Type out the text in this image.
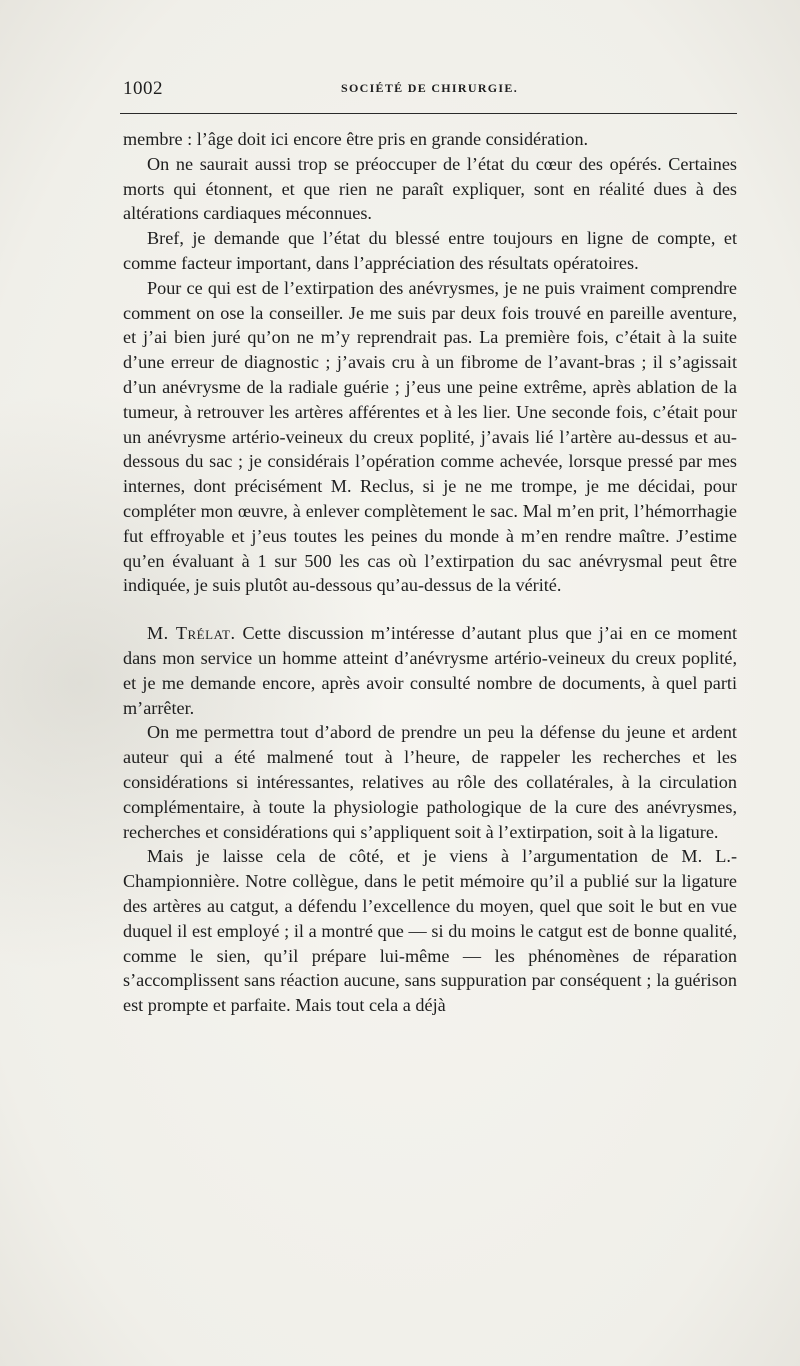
1002	SOCIÉTÉ DE CHIRURGIE.

membre : l’âge doit ici encore être pris en grande considération.

On ne saurait aussi trop se préoccuper de l’état du cœur des opérés. Certaines morts qui étonnent, et que rien ne paraît expliquer, sont en réalité dues à des altérations cardiaques méconnues.

Bref, je demande que l’état du blessé entre toujours en ligne de compte, et comme facteur important, dans l’appréciation des résultats opératoires.

Pour ce qui est de l’extirpation des anévrysmes, je ne puis vraiment comprendre comment on ose la conseiller. Je me suis par deux fois trouvé en pareille aventure, et j’ai bien juré qu’on ne m’y reprendrait pas. La première fois, c’était à la suite d’une erreur de diagnostic ; j’avais cru à un fibrome de l’avant-bras ; il s’agissait d’un anévrysme de la radiale guérie ; j’eus une peine extrême, après ablation de la tumeur, à retrouver les artères afférentes et à les lier. Une seconde fois, c’était pour un anévrysme artério-veineux du creux poplité, j’avais lié l’artère au-dessus et au-dessous du sac ; je considérais l’opération comme achevée, lorsque pressé par mes internes, dont précisément M. Reclus, si je ne me trompe, je me décidai, pour compléter mon œuvre, à enlever complètement le sac. Mal m’en prit, l’hémorrhagie fut effroyable et j’eus toutes les peines du monde à m’en rendre maître. J’estime qu’en évaluant à 1 sur 500 les cas où l’extirpation du sac anévrysmal peut être indiquée, je suis plutôt au-dessous qu’au-dessus de la vérité.

M. Trélat. Cette discussion m’intéresse d’autant plus que j’ai en ce moment dans mon service un homme atteint d’anévrysme artério-veineux du creux poplité, et je me demande encore, après avoir consulté nombre de documents, à quel parti m’arrêter.

On me permettra tout d’abord de prendre un peu la défense du jeune et ardent auteur qui a été malmené tout à l’heure, de rappeler les recherches et les considérations si intéressantes, relatives au rôle des collatérales, à la circulation complémentaire, à toute la physiologie pathologique de la cure des anévrysmes, recherches et considérations qui s’appliquent soit à l’extirpation, soit à la ligature.

Mais je laisse cela de côté, et je viens à l’argumentation de M. L.-Championnière. Notre collègue, dans le petit mémoire qu’il a publié sur la ligature des artères au catgut, a défendu l’excellence du moyen, quel que soit le but en vue duquel il est employé ; il a montré que — si du moins le catgut est de bonne qualité, comme le sien, qu’il prépare lui-même — les phénomènes de réparation s’accomplissent sans réaction aucune, sans suppuration par conséquent ; la guérison est prompte et parfaite. Mais tout cela a déjà
